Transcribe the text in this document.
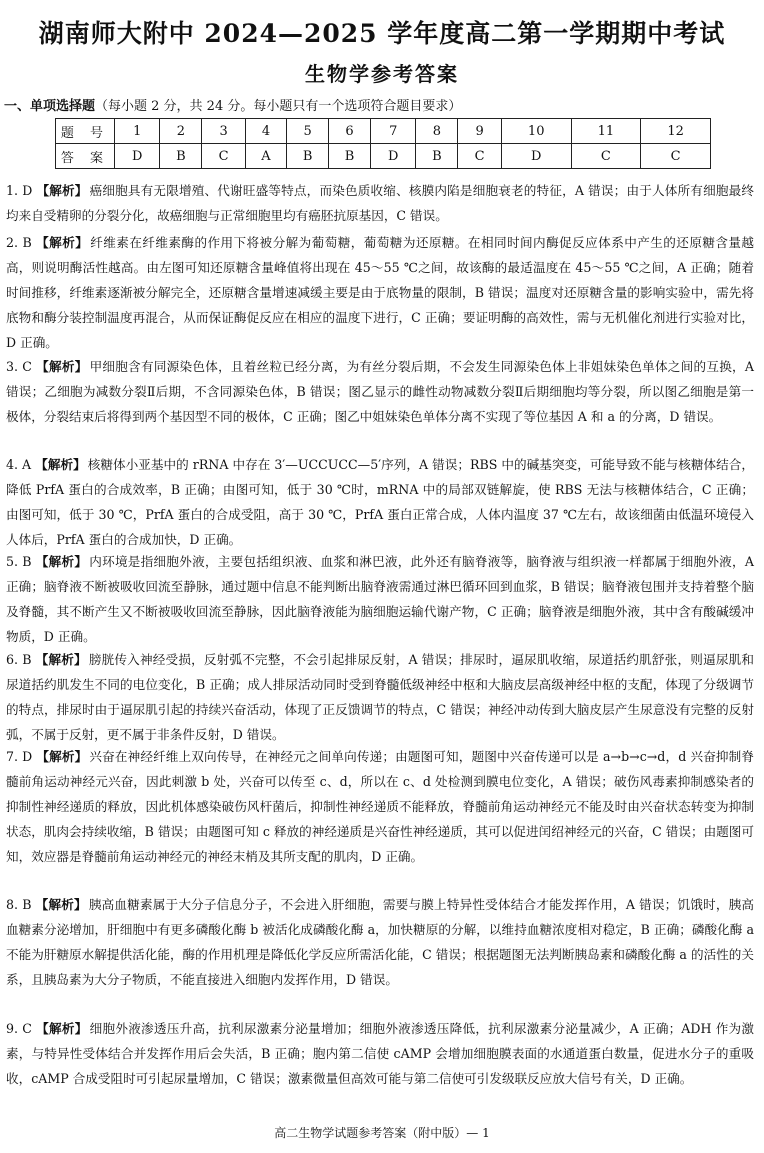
湖南师大附中 2024—2025 学年度高二第一学期期中考试
生物学参考答案
一、单项选择题（每小题 2 分，共 24 分。每小题只有一个选项符合题目要求）
题 号	1	2	3	4	5	6	7	8	9	10	11	12
答 案	D	B	C	A	B	B	D	B	C	D	C	C
1. D 【解析】 癌细胞具有无限增殖、代谢旺盛等特点，而染色质收缩、核膜内陷是细胞衰老的特征，A 错误；由于人体所有细胞最终均来自受精卵的分裂分化，故癌细胞与正常细胞里均有癌胚抗原基因，C 错误。
2. B 【解析】 纤维素在纤维素酶的作用下将被分解为葡萄糖，葡萄糖为还原糖。在相同时间内酶促反应体系中产生的还原糖含量越高，则说明酶活性越高。由左图可知还原糖含量峰值将出现在 45～55 ℃之间，故该酶的最适温度在 45～55 ℃之间，A 正确；随着时间推移，纤维素逐渐被分解完全，还原糖含量增速减缓主要是由于底物量的限制，B 错误；温度对还原糖含量的影响实验中，需先将底物和酶分装控制温度再混合，从而保证酶促反应在相应的温度下进行，C 正确；要证明酶的高效性，需与无机催化剂进行实验对比，D 正确。
3. C 【解析】 甲细胞含有同源染色体，且着丝粒已经分离，为有丝分裂后期，不会发生同源染色体上非姐妹染色单体之间的互换，A 错误；乙细胞为减数分裂Ⅱ后期，不含同源染色体，B 错误；图乙显示的雌性动物减数分裂Ⅱ后期细胞均等分裂，所以图乙细胞是第一极体，分裂结束后将得到两个基因型不同的极体，C 正确；图乙中姐妹染色单体分离不实现了等位基因 A 和 a 的分离，D 错误。
4. A 【解析】 核糖体小亚基中的 rRNA 中存在 3′—UCCUCC—5′序列，A 错误；RBS 中的碱基突变，可能导致不能与核糖体结合，降低 PrfA 蛋白的合成效率，B 正确；由图可知，低于 30 ℃时，mRNA 中的局部双链解旋，使 RBS 无法与核糖体结合，C 正确；由图可知，低于 30 ℃，PrfA 蛋白的合成受阻，高于 30 ℃，PrfA 蛋白正常合成，人体内温度 37 ℃左右，故该细菌由低温环境侵入人体后，PrfA 蛋白的合成加快，D 正确。
5. B 【解析】 内环境是指细胞外液，主要包括组织液、血浆和淋巴液，此外还有脑脊液等，脑脊液与组织液一样都属于细胞外液，A 正确；脑脊液不断被吸收回流至静脉，通过题中信息不能判断出脑脊液需通过淋巴循环回到血浆，B 错误；脑脊液包围并支持着整个脑及脊髓，其不断产生又不断被吸收回流至静脉，因此脑脊液能为脑细胞运输代谢产物，C 正确；脑脊液是细胞外液，其中含有酸碱缓冲物质，D 正确。
6. B 【解析】 膀胱传入神经受损，反射弧不完整，不会引起排尿反射，A 错误；排尿时，逼尿肌收缩，尿道括约肌舒张，则逼尿肌和尿道括约肌发生不同的电位变化，B 正确；成人排尿活动同时受到脊髓低级神经中枢和大脑皮层高级神经中枢的支配，体现了分级调节的特点，排尿时由于逼尿肌引起的持续兴奋活动，体现了正反馈调节的特点，C 错误；神经冲动传到大脑皮层产生尿意没有完整的反射弧，不属于反射，更不属于非条件反射，D 错误。
7. D 【解析】 兴奋在神经纤维上双向传导，在神经元之间单向传递；由题图可知，题图中兴奋传递可以是 a→b→c→d，d 兴奋抑制脊髓前角运动神经元兴奋，因此刺激 b 处，兴奋可以传至 c、d，所以在 c、d 处检测到膜电位变化，A 错误；破伤风毒素抑制感染者的抑制性神经递质的释放，因此机体感染破伤风杆菌后，抑制性神经递质不能释放，脊髓前角运动神经元不能及时由兴奋状态转变为抑制状态，肌肉会持续收缩，B 错误；由题图可知 c 释放的神经递质是兴奋性神经递质，其可以促进闰绍神经元的兴奋，C 错误；由题图可知，效应器是脊髓前角运动神经元的神经末梢及其所支配的肌肉，D 正确。
8. B 【解析】 胰高血糖素属于大分子信息分子，不会进入肝细胞，需要与膜上特异性受体结合才能发挥作用，A 错误；饥饿时，胰高血糖素分泌增加，肝细胞中有更多磷酸化酶 b 被活化成磷酸化酶 a，加快糖原的分解，以维持血糖浓度相对稳定，B 正确；磷酸化酶 a 不能为肝糖原水解提供活化能，酶的作用机理是降低化学反应所需活化能，C 错误；根据题图无法判断胰岛素和磷酸化酶 a 的活性的关系，且胰岛素为大分子物质，不能直接进入细胞内发挥作用，D 错误。
9. C 【解析】 细胞外液渗透压升高，抗利尿激素分泌量增加；细胞外液渗透压降低，抗利尿激素分泌量减少，A 正确；ADH 作为激素，与特异性受体结合并发挥作用后会失活，B 正确；胞内第二信使 cAMP 会增加细胞膜表面的水通道蛋白数量，促进水分子的重吸收，cAMP 合成受阻时可引起尿量增加，C 错误；激素微量但高效可能与第二信使可引发级联反应放大信号有关，D 正确。
高二生物学试题参考答案（附中版）— 1
